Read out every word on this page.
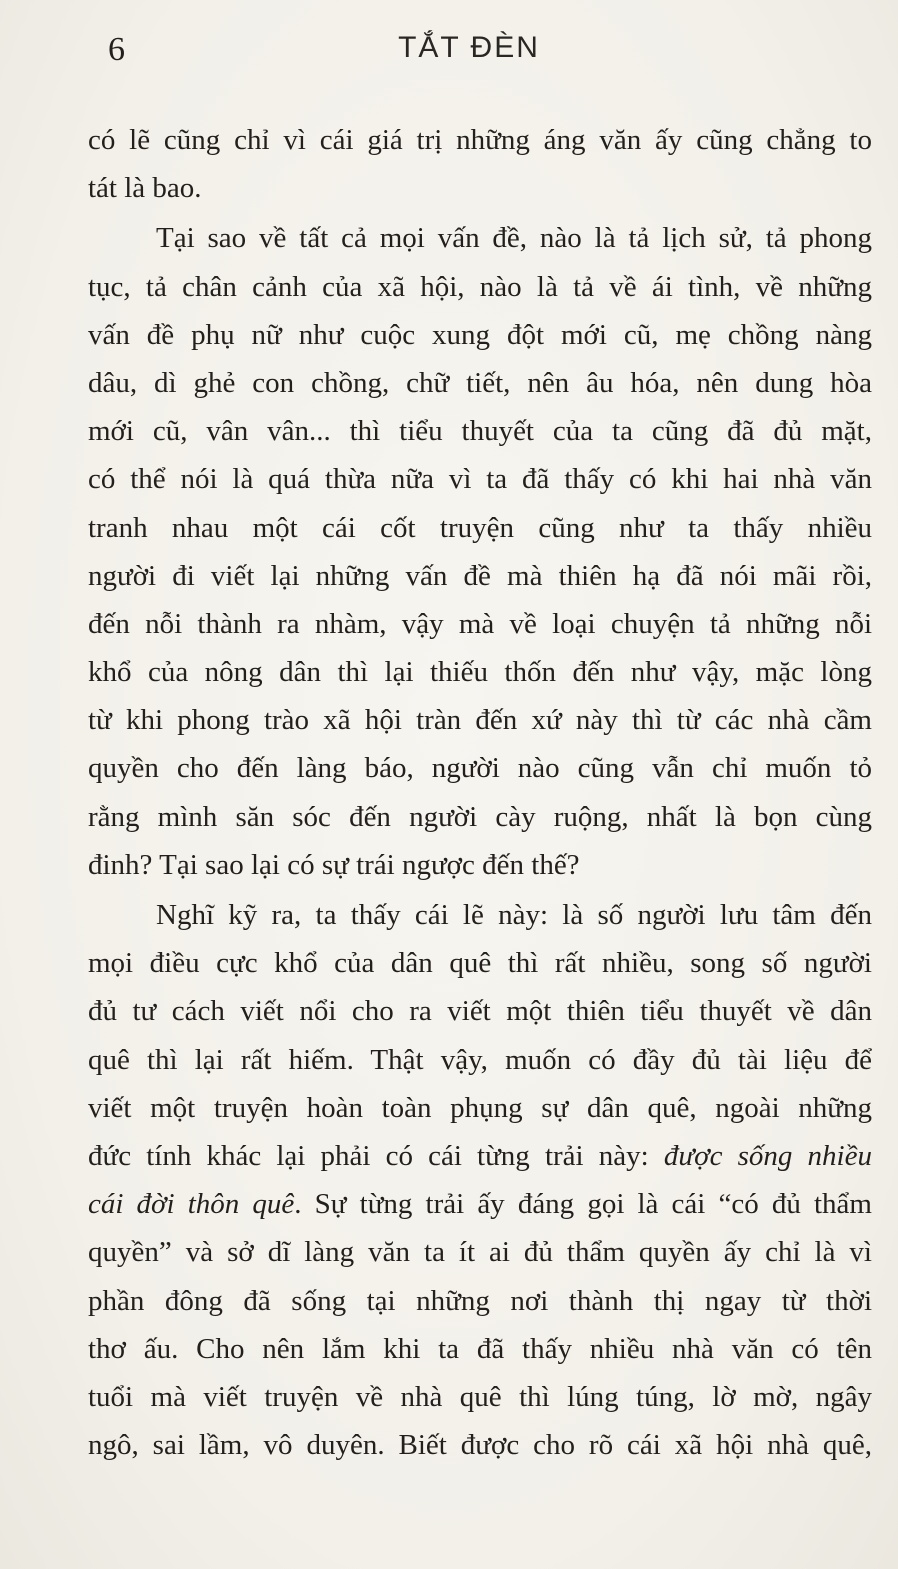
6	TẮT ĐÈN
có lẽ cũng chỉ vì cái giá trị những áng văn ấy cũng chẳng to
tát là bao.
Tại sao về tất cả mọi vấn đề, nào là tả lịch sử, tả phong
tục, tả chân cảnh của xã hội, nào là tả về ái tình, về những
vấn đề phụ nữ như cuộc xung đột mới cũ, mẹ chồng nàng
dâu, dì ghẻ con chồng, chữ tiết, nên âu hóa, nên dung hòa
mới cũ, vân vân... thì tiểu thuyết của ta cũng đã đủ mặt,
có thể nói là quá thừa nữa vì ta đã thấy có khi hai nhà văn
tranh nhau một cái cốt truyện cũng như ta thấy nhiều
người đi viết lại những vấn đề mà thiên hạ đã nói mãi rồi,
đến nỗi thành ra nhàm, vậy mà về loại chuyện tả những nỗi
khổ của nông dân thì lại thiếu thốn đến như vậy, mặc lòng
từ khi phong trào xã hội tràn đến xứ này thì từ các nhà cầm
quyền cho đến làng báo, người nào cũng vẫn chỉ muốn tỏ
rằng mình săn sóc đến người cày ruộng, nhất là bọn cùng
đinh? Tại sao lại có sự trái ngược đến thế?
Nghĩ kỹ ra, ta thấy cái lẽ này: là số người lưu tâm đến
mọi điều cực khổ của dân quê thì rất nhiều, song số người
đủ tư cách viết nổi cho ra viết một thiên tiểu thuyết về dân
quê thì lại rất hiếm. Thật vậy, muốn có đầy đủ tài liệu để
viết một truyện hoàn toàn phụng sự dân quê, ngoài những
đức tính khác lại phải có cái từng trải này: được sống nhiều
cái đời thôn quê. Sự từng trải ấy đáng gọi là cái “có đủ thẩm
quyền” và sở dĩ làng văn ta ít ai đủ thẩm quyền ấy chỉ là vì
phần đông đã sống tại những nơi thành thị ngay từ thời
thơ ấu. Cho nên lắm khi ta đã thấy nhiều nhà văn có tên
tuổi mà viết truyện về nhà quê thì lúng túng, lờ mờ, ngây
ngô, sai lầm, vô duyên. Biết được cho rõ cái xã hội nhà quê,
